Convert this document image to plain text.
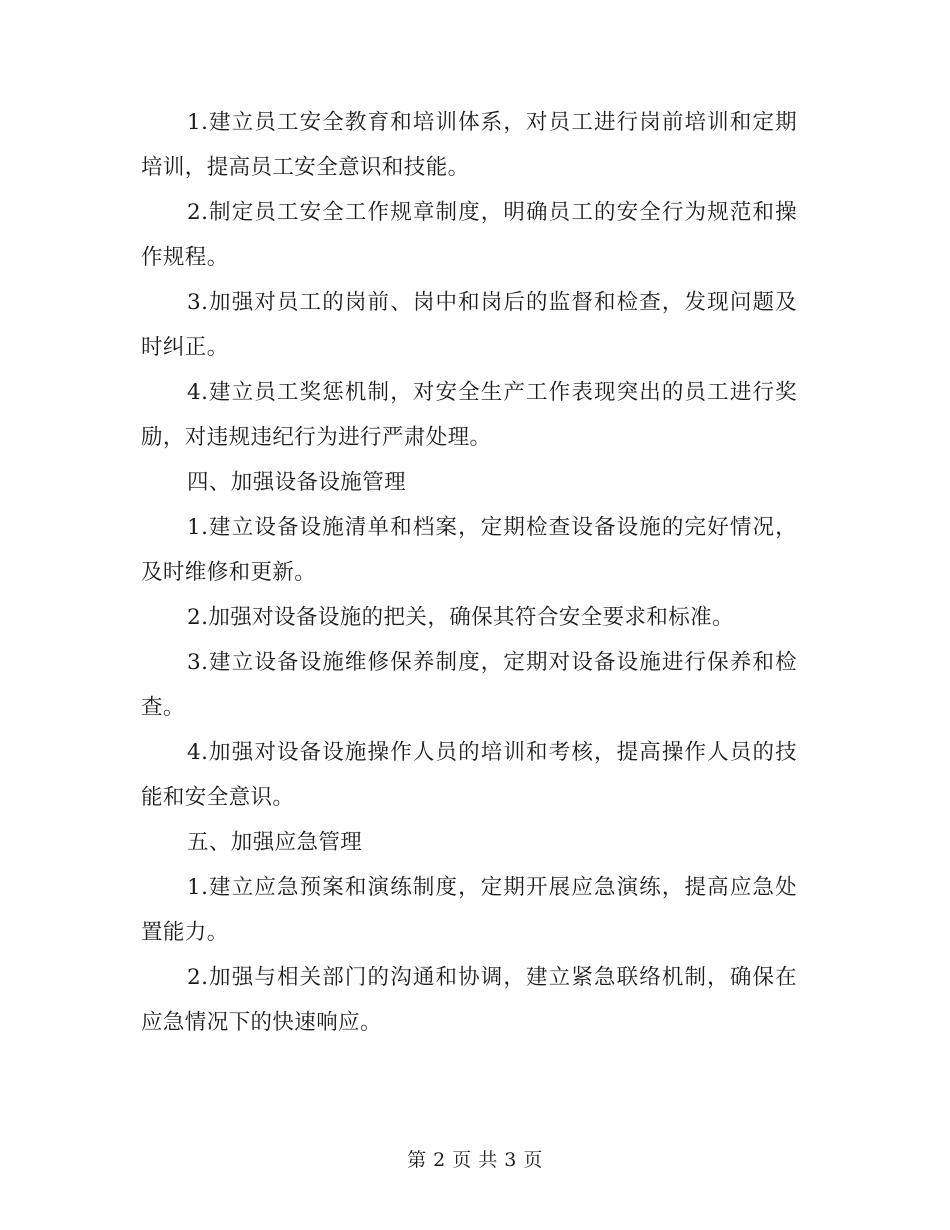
1.建立员工安全教育和培训体系，对员工进行岗前培训和定期培训，提高员工安全意识和技能。

2.制定员工安全工作规章制度，明确员工的安全行为规范和操作规程。

3.加强对员工的岗前、岗中和岗后的监督和检查，发现问题及时纠正。

4.建立员工奖惩机制，对安全生产工作表现突出的员工进行奖励，对违规违纪行为进行严肃处理。

四、加强设备设施管理

1.建立设备设施清单和档案，定期检查设备设施的完好情况，及时维修和更新。

2.加强对设备设施的把关，确保其符合安全要求和标准。

3.建立设备设施维修保养制度，定期对设备设施进行保养和检查。

4.加强对设备设施操作人员的培训和考核，提高操作人员的技能和安全意识。

五、加强应急管理

1.建立应急预案和演练制度，定期开展应急演练，提高应急处置能力。

2.加强与相关部门的沟通和协调，建立紧急联络机制，确保在应急情况下的快速响应。

第 2 页 共 3 页
